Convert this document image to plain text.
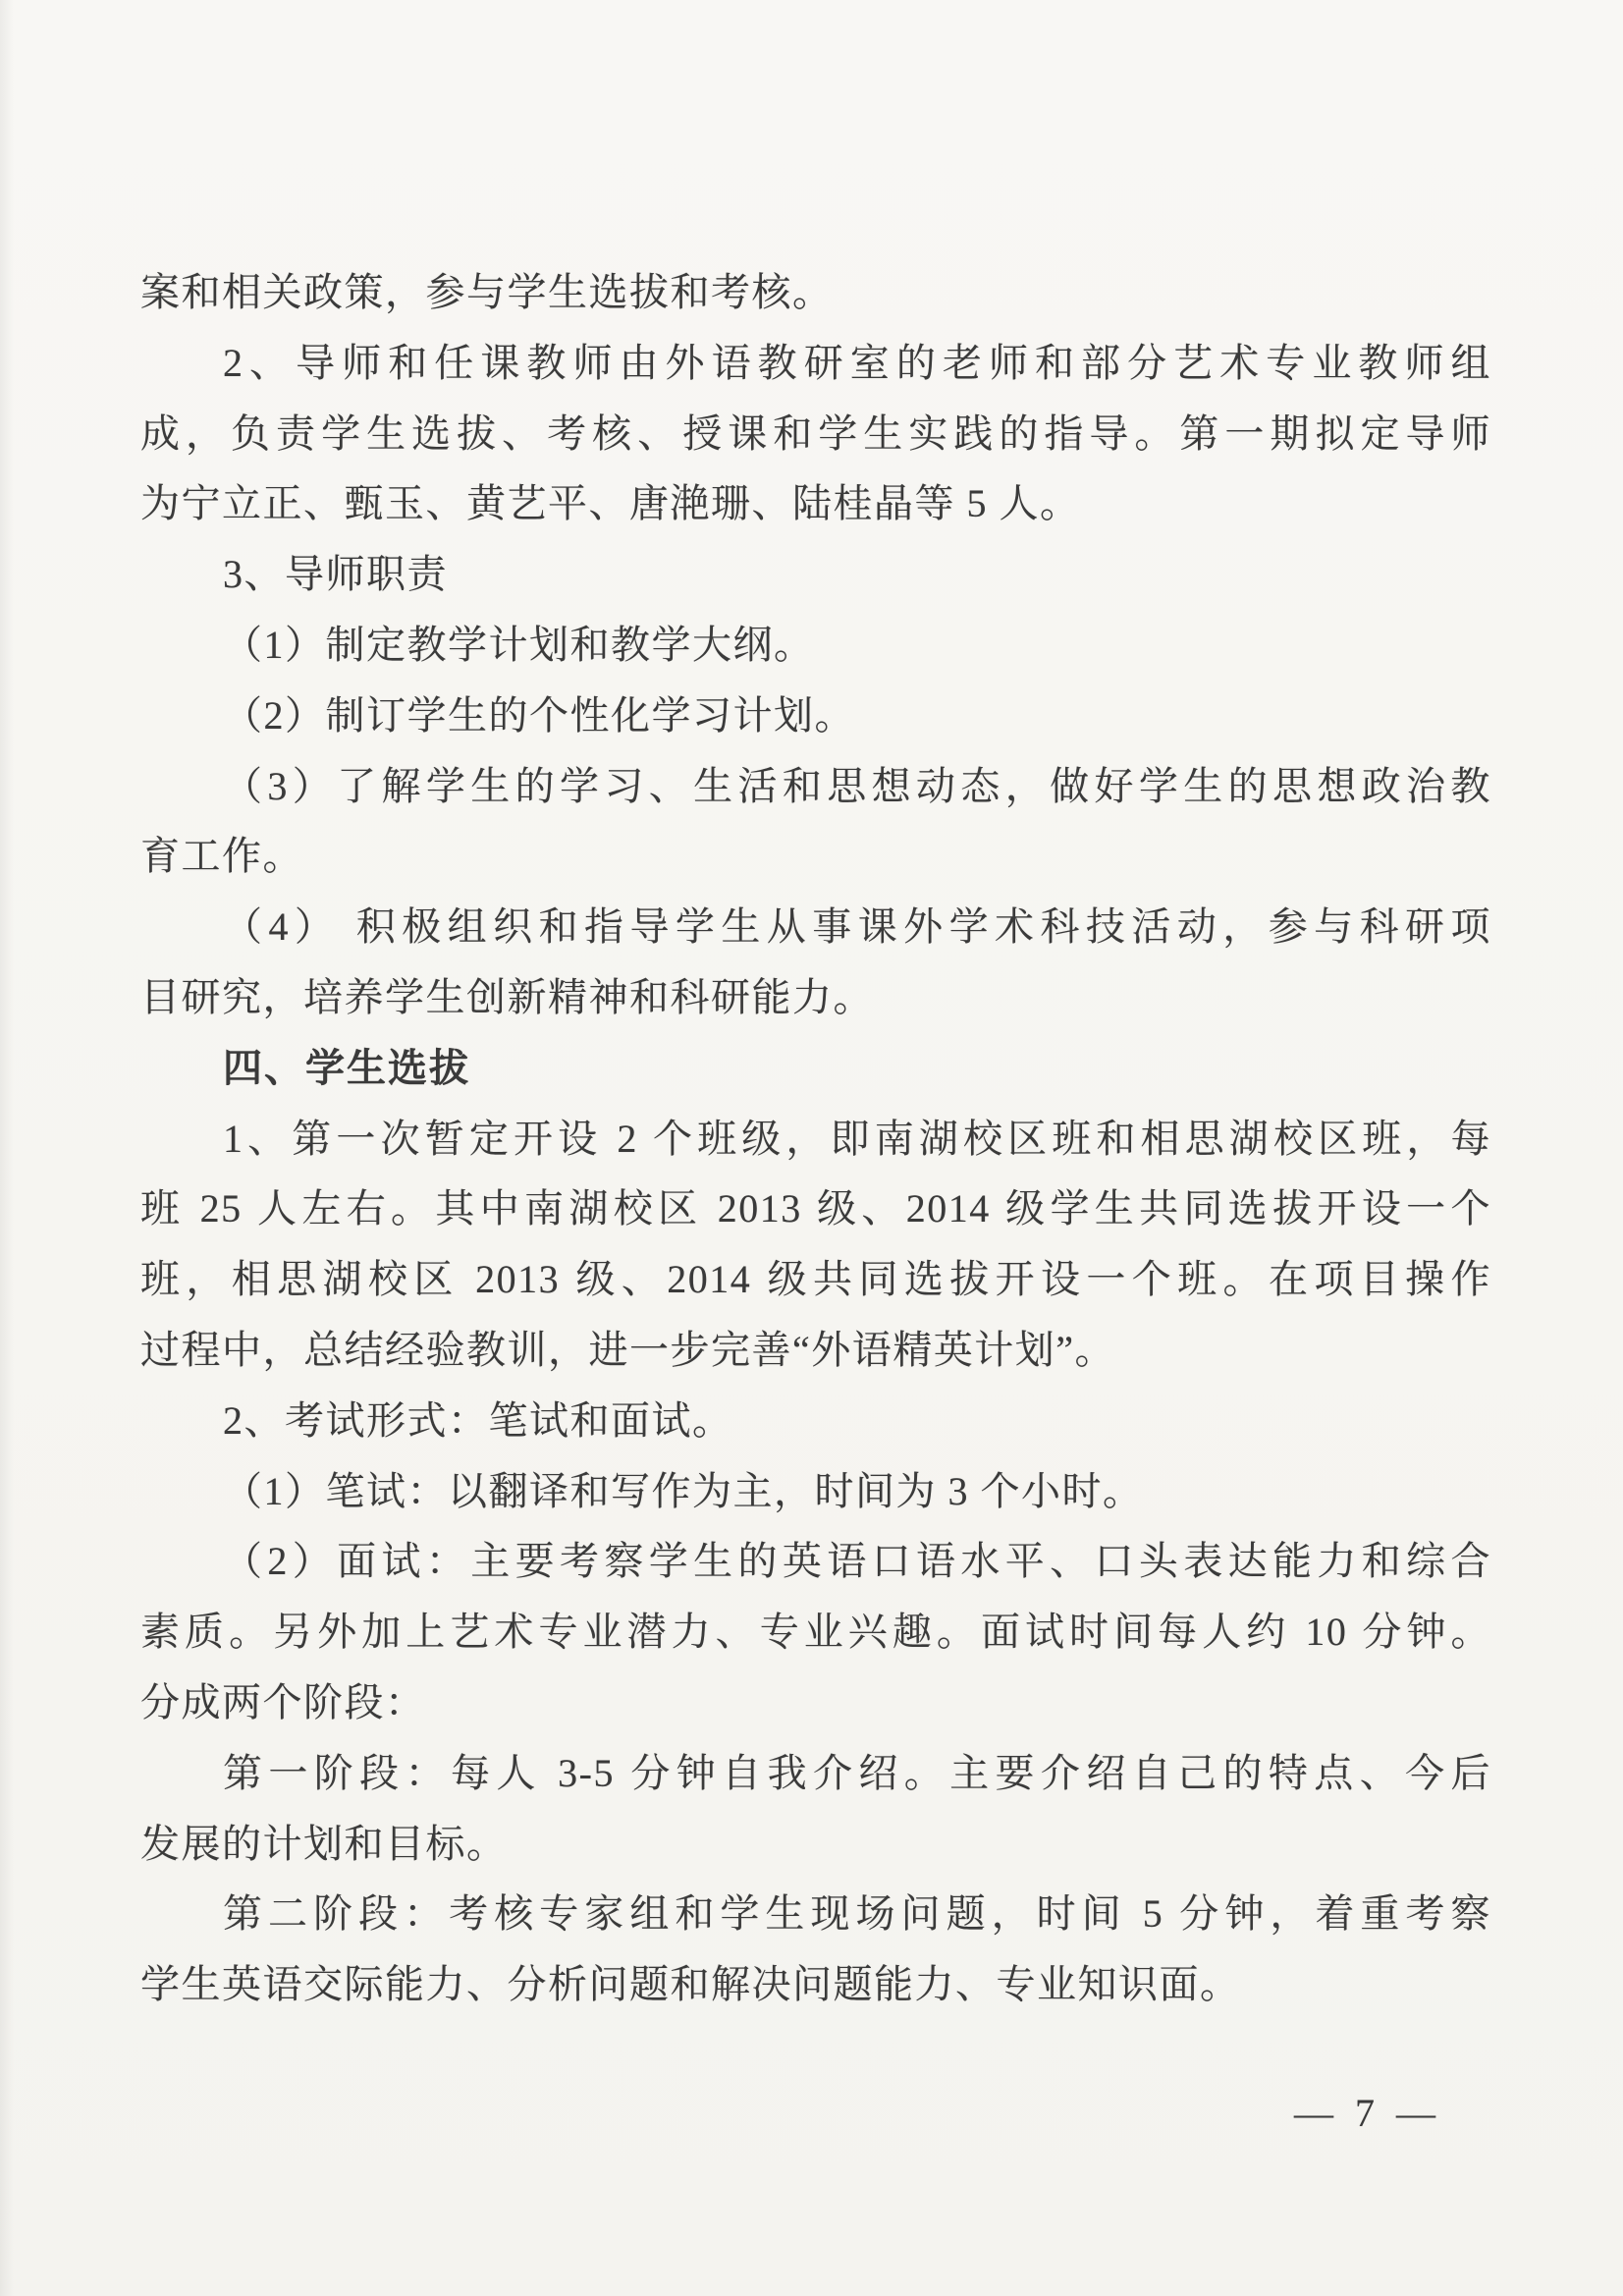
案和相关政策，参与学生选拔和考核。
2、导师和任课教师由外语教研室的老师和部分艺术专业教师组
成，负责学生选拔、考核、授课和学生实践的指导。第一期拟定导师
为宁立正、甄玉、黄艺平、唐滟珊、陆桂晶等 5 人。
3、导师职责
（1）制定教学计划和教学大纲。
（2）制订学生的个性化学习计划。
（3）了解学生的学习、生活和思想动态，做好学生的思想政治教
育工作。
（4） 积极组织和指导学生从事课外学术科技活动，参与科研项
目研究，培养学生创新精神和科研能力。
四、学生选拔
1、第一次暂定开设 2 个班级，即南湖校区班和相思湖校区班，每
班 25 人左右。其中南湖校区 2013 级、2014 级学生共同选拔开设一个
班，相思湖校区 2013 级、2014 级共同选拔开设一个班。在项目操作
过程中，总结经验教训，进一步完善“外语精英计划”。
2、考试形式：笔试和面试。
（1）笔试：以翻译和写作为主，时间为 3 个小时。
（2）面试：主要考察学生的英语口语水平、口头表达能力和综合
素质。另外加上艺术专业潜力、专业兴趣。面试时间每人约 10 分钟。
分成两个阶段：
第一阶段：每人 3-5 分钟自我介绍。主要介绍自己的特点、今后
发展的计划和目标。
第二阶段：考核专家组和学生现场问题，时间 5 分钟，着重考察
学生英语交际能力、分析问题和解决问题能力、专业知识面。
— 7 —
